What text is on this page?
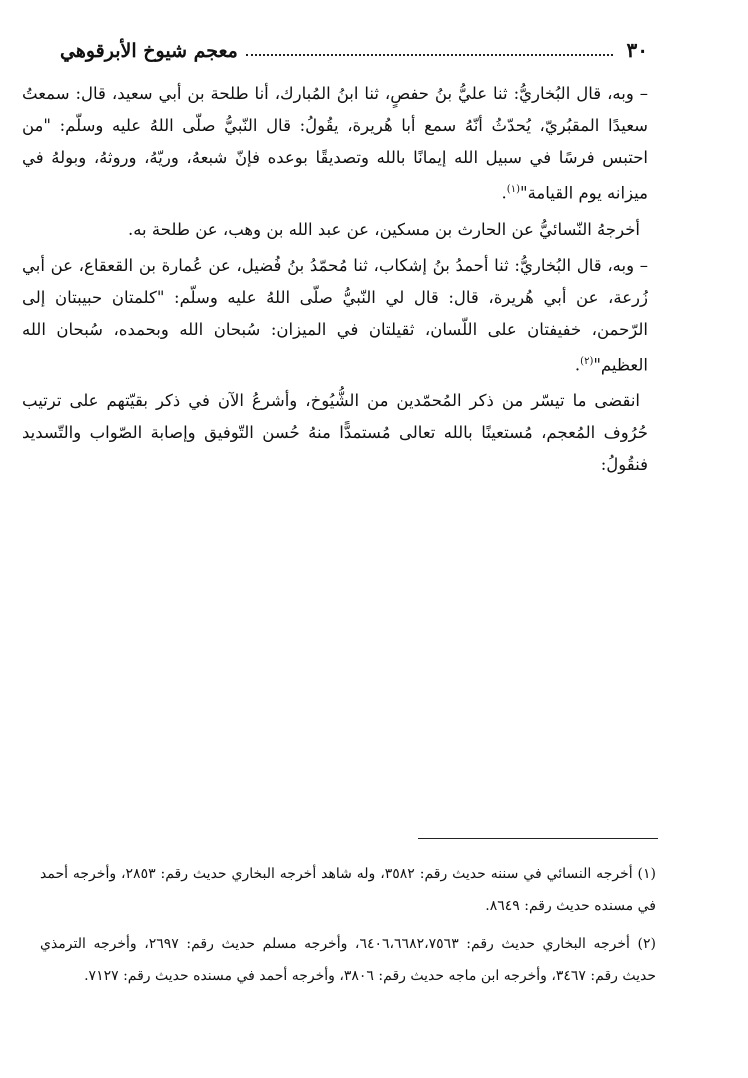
٣٠
معجم شيوخ الأبرقوهي

– وبه، قال البُخاريُّ: ثنا عليُّ بنُ حفصٍ، ثنا ابنُ المُبارك، أنا طلحة بن أبي سعيد، قال: سمعتُ سعيدًا المقبُريّ، يُحدّثُ أنّهُ سمع أبا هُريرة، يقُولُ: قال النّبيُّ صلّى اللهُ عليه وسلّم: "من احتبس فرسًا في سبيل الله إيمانًا بالله وتصديقًا بوعده فإنّ شبعهُ، وريّهُ، وروثهُ، وبولهُ في ميزانه يوم القيامة"$^{(١)}$.

أخرجهُ النّسائيُّ عن الحارث بن مسكين، عن عبد الله بن وهب، عن طلحة به.

– وبه، قال البُخاريُّ: ثنا أحمدُ بنُ إشكاب، ثنا مُحمّدُ بنُ فُضيل، عن عُمارة بن القعقاع، عن أبي زُرعة، عن أبي هُريرة، قال: قال لي النّبيُّ صلّى اللهُ عليه وسلّم: "كلمتان حبيبتان إلى الرّحمن، خفيفتان على اللّسان، ثقيلتان في الميزان: سُبحان الله وبحمده، سُبحان الله العظيم"$^{(٢)}$.

انقضى ما تيسّر من ذكر المُحمّدين من الشُّيُوخ، وأشرعُ الآن في ذكر بقيّتهم على ترتيب حُرُوف المُعجم، مُستعينًا بالله تعالى مُستمدًّا منهُ حُسن التّوفيق وإصابة الصّواب والتّسديد فنقُولُ:

(١) أخرجه النسائي في سننه حديث رقم: ٣٥٨٢، وله شاهد أخرجه البخاري حديث رقم: ٢٨٥٣، وأخرجه أحمد في مسنده حديث رقم: ٨٦٤٩.

(٢) أخرجه البخاري حديث رقم: ٦٤٠٦،٦٦٨٢،٧٥٦٣، وأخرجه مسلم حديث رقم: ٢٦٩٧، وأخرجه الترمذي حديث رقم: ٣٤٦٧، وأخرجه ابن ماجه حديث رقم: ٣٨٠٦، وأخرجه أحمد في مسنده حديث رقم: ٧١٢٧.
